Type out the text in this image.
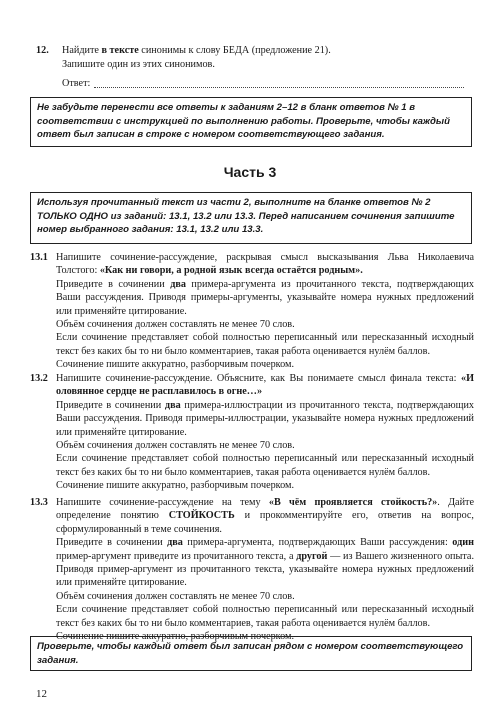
12. Найдите в тексте синонимы к слову БЕДА (предложение 21).
Запишите один из этих синонимов.
Ответ:
Не забудьте перенести все ответы к заданиям 2–12 в бланк ответов № 1 в соответствии с инструкцией по выполнению работы. Проверьте, чтобы каждый ответ был записан в строке с номером соответствующего задания.
Часть 3
Используя прочитанный текст из части 2, выполните на бланке ответов № 2 ТОЛЬКО ОДНО из заданий: 13.1, 13.2 или 13.3. Перед написанием сочинения запишите номер выбранного задания: 13.1, 13.2 или 13.3.
13.1 Напишите сочинение-рассуждение, раскрывая смысл высказывания Льва Николаевича Толстого: «Как ни говори, а родной язык всегда остаётся родным».

Приведите в сочинении два примера-аргумента из прочитанного текста, подтверждающих Ваши рассуждения. Приводя примеры-аргументы, указывайте номера нужных предложений или применяйте цитирование.

Объём сочинения должен составлять не менее 70 слов.

Если сочинение представляет собой полностью переписанный или пересказанный исходный текст без каких бы то ни было комментариев, такая работа оценивается нулём баллов.

Сочинение пишите аккуратно, разборчивым почерком.

13.2 Напишите сочинение-рассуждение. Объясните, как Вы понимаете смысл финала текста: «И оловянное сердце не расплавилось в огне…»

Приведите в сочинении два примера-иллюстрации из прочитанного текста, подтверждающих Ваши рассуждения. Приводя примеры-иллюстрации, указывайте номера нужных предложений или применяйте цитирование.

Объём сочинения должен составлять не менее 70 слов.

Если сочинение представляет собой полностью переписанный или пересказанный исходный текст без каких бы то ни было комментариев, такая работа оценивается нулём баллов.

Сочинение пишите аккуратно, разборчивым почерком.

13.3 Напишите сочинение-рассуждение на тему «В чём проявляется стойкость?». Дайте определение понятию СТОЙКОСТЬ и прокомментируйте его, ответив на вопрос, сформулированный в теме сочинения.

Приведите в сочинении два примера-аргумента, подтверждающих Ваши рассуждения: один пример-аргумент приведите из прочитанного текста, а другой — из Вашего жизненного опыта. Приводя пример-аргумент из прочитанного текста, указывайте номера нужных предложений или применяйте цитирование.

Объём сочинения должен составлять не менее 70 слов.

Если сочинение представляет собой полностью переписанный или пересказанный исходный текст без каких бы то ни было комментариев, такая работа оценивается нулём баллов.

Сочинение пишите аккуратно, разборчивым почерком.

Проверьте, чтобы каждый ответ был записан рядом с номером соответствующего задания.
12
